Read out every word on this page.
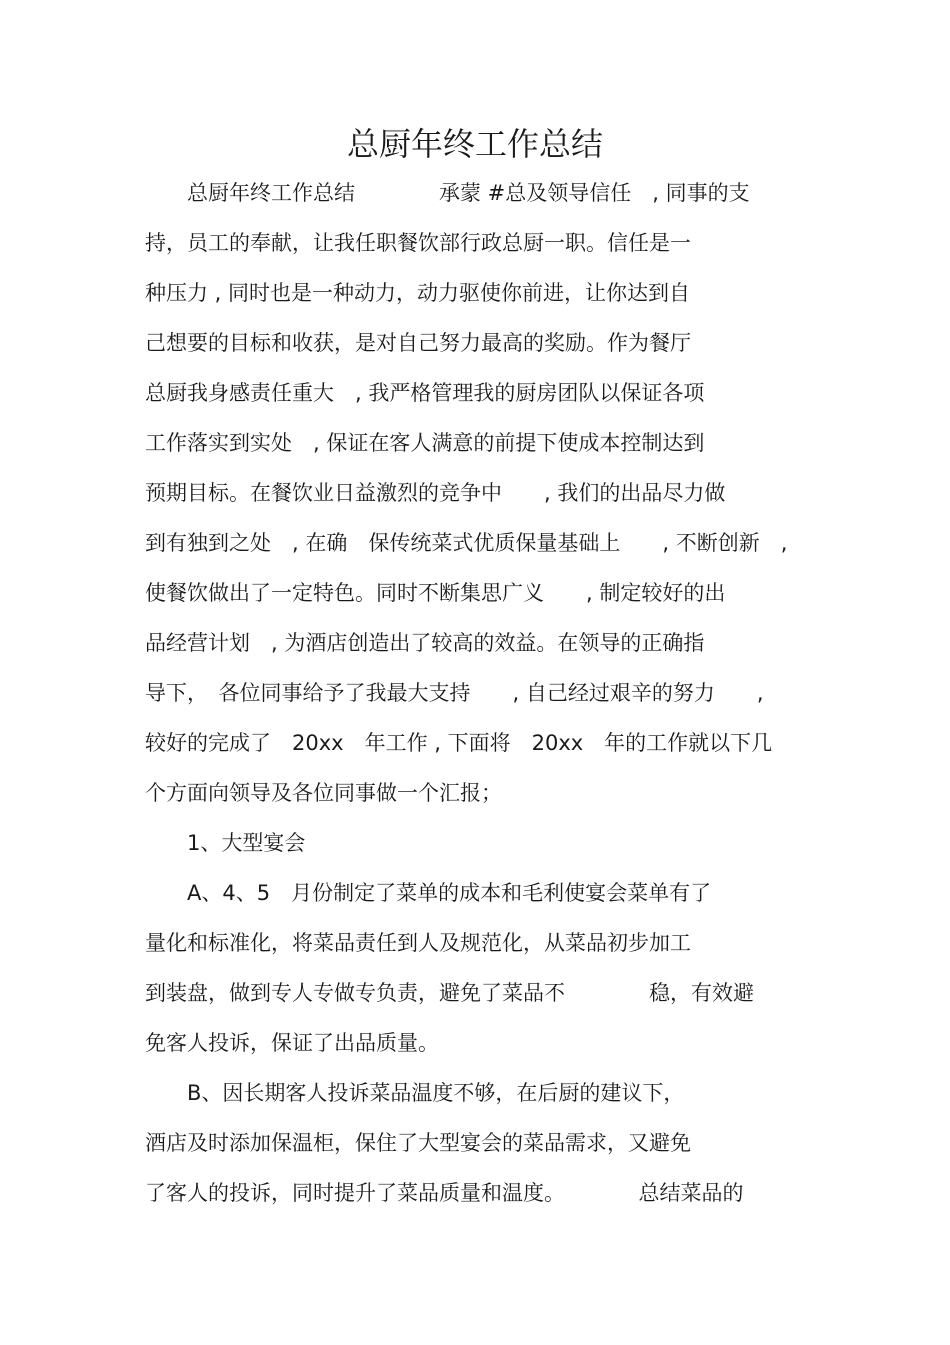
总厨年终工作总结
　　总厨年终工作总结　　　　承蒙 #总及领导信任　, 同事的支
持，员工的奉献，让我任职餐饮部行政总厨一职。信任是一
种压力 , 同时也是一种动力，动力驱使你前进，让你达到自
己想要的目标和收获，是对自己努力最高的奖励。作为餐厅
总厨我身感责任重大　, 我严格管理我的厨房团队以保证各项
工作落实到实处　, 保证在客人满意的前提下使成本控制达到
预期目标。在餐饮业日益激烈的竞争中　　, 我们的出品尽力做
到有独到之处　, 在确　保传统菜式优质保量基础上　　, 不断创新　,
使餐饮做出了一定特色。同时不断集思广义　　, 制定较好的出
品经营计划　, 为酒店创造出了较高的效益。在领导的正确指
导下，　各位同事给予了我最大支持　　, 自己经过艰辛的努力　　,
较好的完成了　20xx　年工作 , 下面将　20xx　年的工作就以下几
个方面向领导及各位同事做一个汇报；
　　1、大型宴会
　　A、4、5　月份制定了菜单的成本和毛利使宴会菜单有了
量化和标准化，将菜品责任到人及规范化，从菜品初步加工
到装盘，做到专人专做专负责，避免了菜品不　　　　稳，有效避
免客人投诉，保证了出品质量。
　　B、因长期客人投诉菜品温度不够，在后厨的建议下，
酒店及时添加保温柜，保住了大型宴会的菜品需求，又避免
了客人的投诉，同时提升了菜品质量和温度。　　　　总结菜品的
